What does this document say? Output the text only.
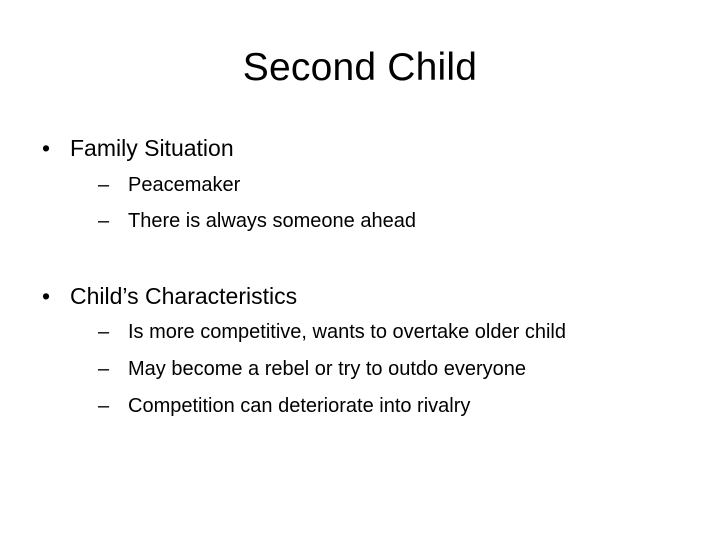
Second Child
• Family Situation
– Peacemaker
– There is always someone ahead
• Child’s Characteristics
– Is more competitive, wants to overtake older child
– May become a rebel or try to outdo everyone
– Competition can deteriorate into rivalry
